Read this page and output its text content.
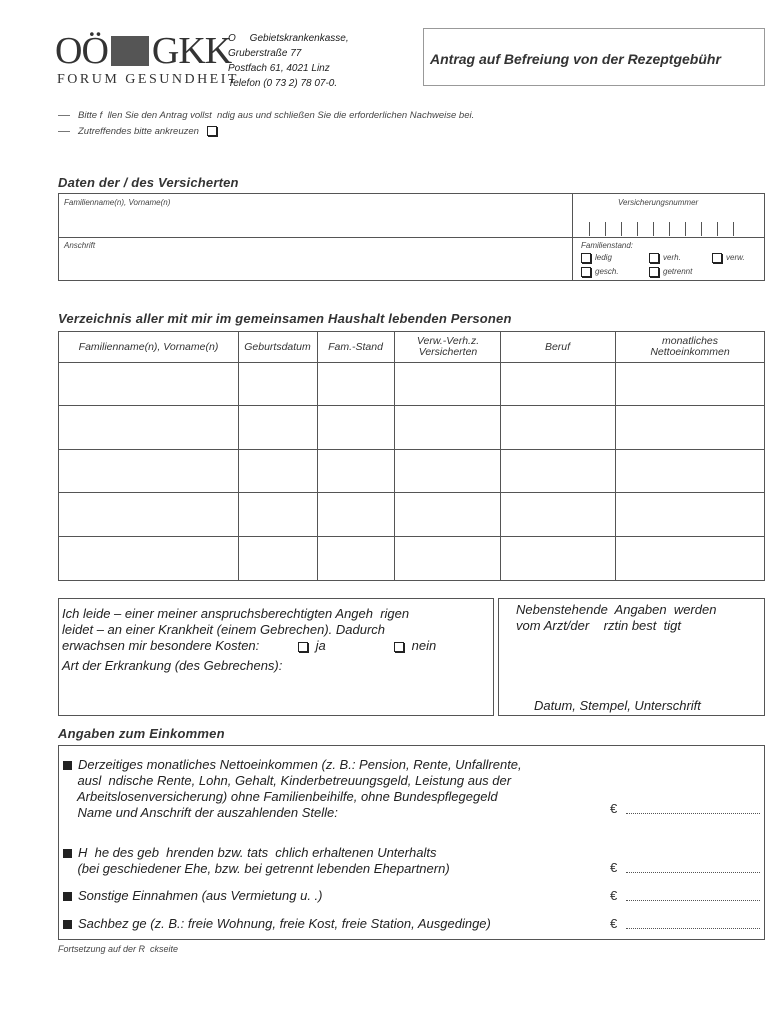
OÖ GKK
FORUM GESUNDHEIT
O     Gebietskrankenkasse,
Gruberstraße 77
Postfach 61, 4021 Linz
Telefon (0 73 2) 78 07-0.
Antrag auf Befreiung von der Rezeptgebühr
Bitte f  llen Sie den Antrag vollst  ndig aus und schließen Sie die erforderlichen Nachweise bei.
Zutreffendes bitte ankreuzen
Daten der / des Versicherten
Familienname(n), Vorname(n)	Versicherungsnummer
Anschrift	Familienstand:
ledig	verh.	verw.
gesch.	getrennt
Verzeichnis aller mit mir im gemeinsamen Haushalt lebenden Personen
Familienname(n), Vorname(n)	Geburtsdatum	Fam.-Stand	Verw.-Verh.z. Versicherten	Beruf	monatliches Nettoeinkommen
Ich leide – einer meiner anspruchsberechtigten Angeh  rigen
leidet – an einer Krankheit (einem Gebrechen). Dadurch
erwachsen mir besondere Kosten:	ja	nein
Art der Erkrankung (des Gebrechens):
Nebenstehende  Angaben  werden
vom Arzt/der    rztin best  tigt
Datum, Stempel, Unterschrift
Angaben zum Einkommen
Derzeitiges monatliches Nettoeinkommen (z. B.: Pension, Rente, Unfallrente,
ausl  ndische Rente, Lohn, Gehalt, Kinderbetreuungsgeld, Leistung aus der
Arbeitslosenversicherung) ohne Familienbeihilfe, ohne Bundespflegegeld
Name und Anschrift der auszahlenden Stelle:	€
H  he des geb  hrenden bzw. tats  chlich erhaltenen Unterhalts
(bei geschiedener Ehe, bzw. bei getrennt lebenden Ehepartnern)	€
Sonstige Einnahmen (aus Vermietung u. .)	€
Sachbez ge (z. B.: freie Wohnung, freie Kost, freie Station, Ausgedinge)	€
Fortsetzung auf der R  ckseite
